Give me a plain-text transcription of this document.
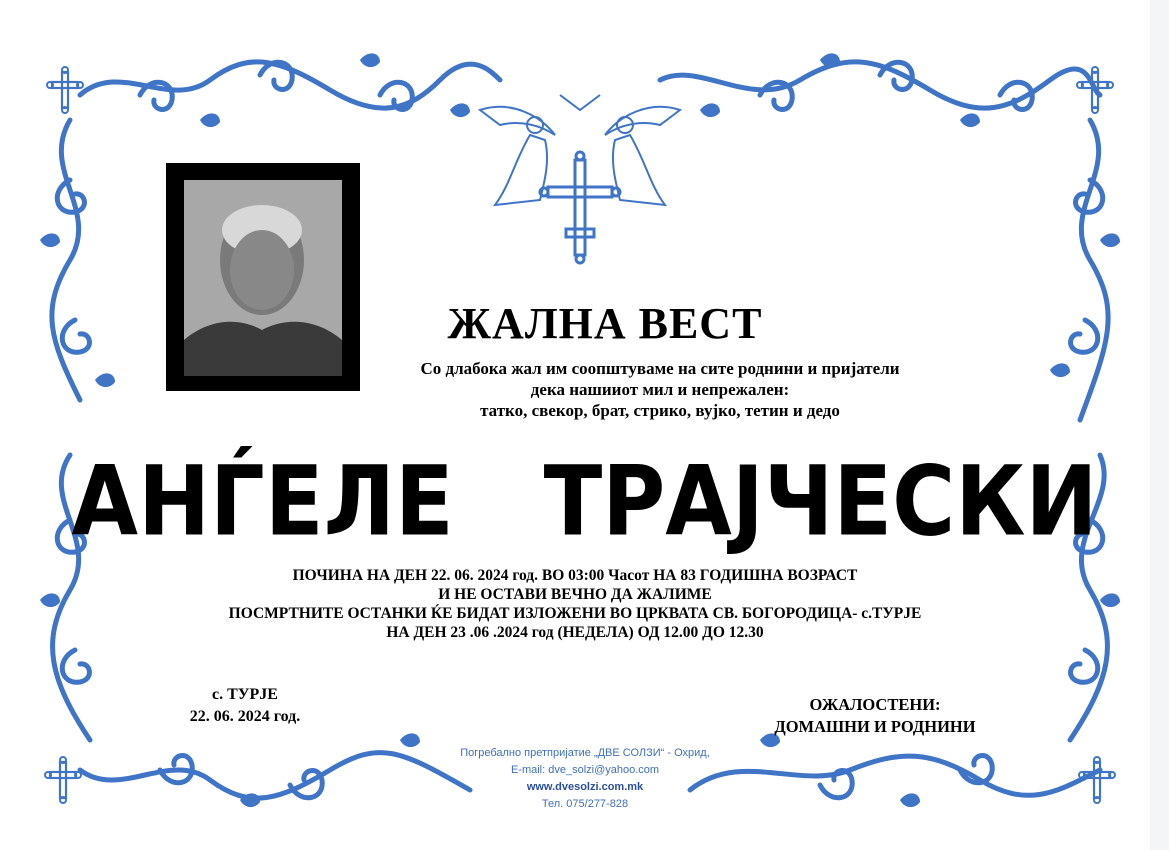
ЖАЛНА ВЕСТ
Со длабока жал им соопштуваме на сите роднини и пријатели
дека нашииот мил и непрежален:
татко, свекор, брат, стрико, вујко, тетин и дедо
АНЃЕЛЕ   ТРАЈЧЕСКИ
ПОЧИНА НА ДЕН 22. 06. 2024 год. ВО 03:00 Часот НА 83 ГОДИШНА ВОЗРАСТ
И НЕ ОСТАВИ ВЕЧНО ДА ЖАЛИМЕ
ПОСМРТНИТЕ ОСТАНКИ ЌЕ БИДАТ ИЗЛОЖЕНИ ВО ЦРКВАТА СВ. БОГОРОДИЦА- с.ТУРЈЕ
НА ДЕН 23 .06 .2024 год (НЕДЕЛА) ОД 12.00 ДО 12.30
с. ТУРЈЕ
22. 06. 2024 год.
ОЖАЛОСТЕНИ:
ДОМАШНИ И РОДНИНИ
Погребално претпријатие „ДВЕ СОЛЗИ“ - Охрид,
E-mail: dve_solzi@yahoo.com
www.dvesolzi.com.mk
Тел. 075/277-828
